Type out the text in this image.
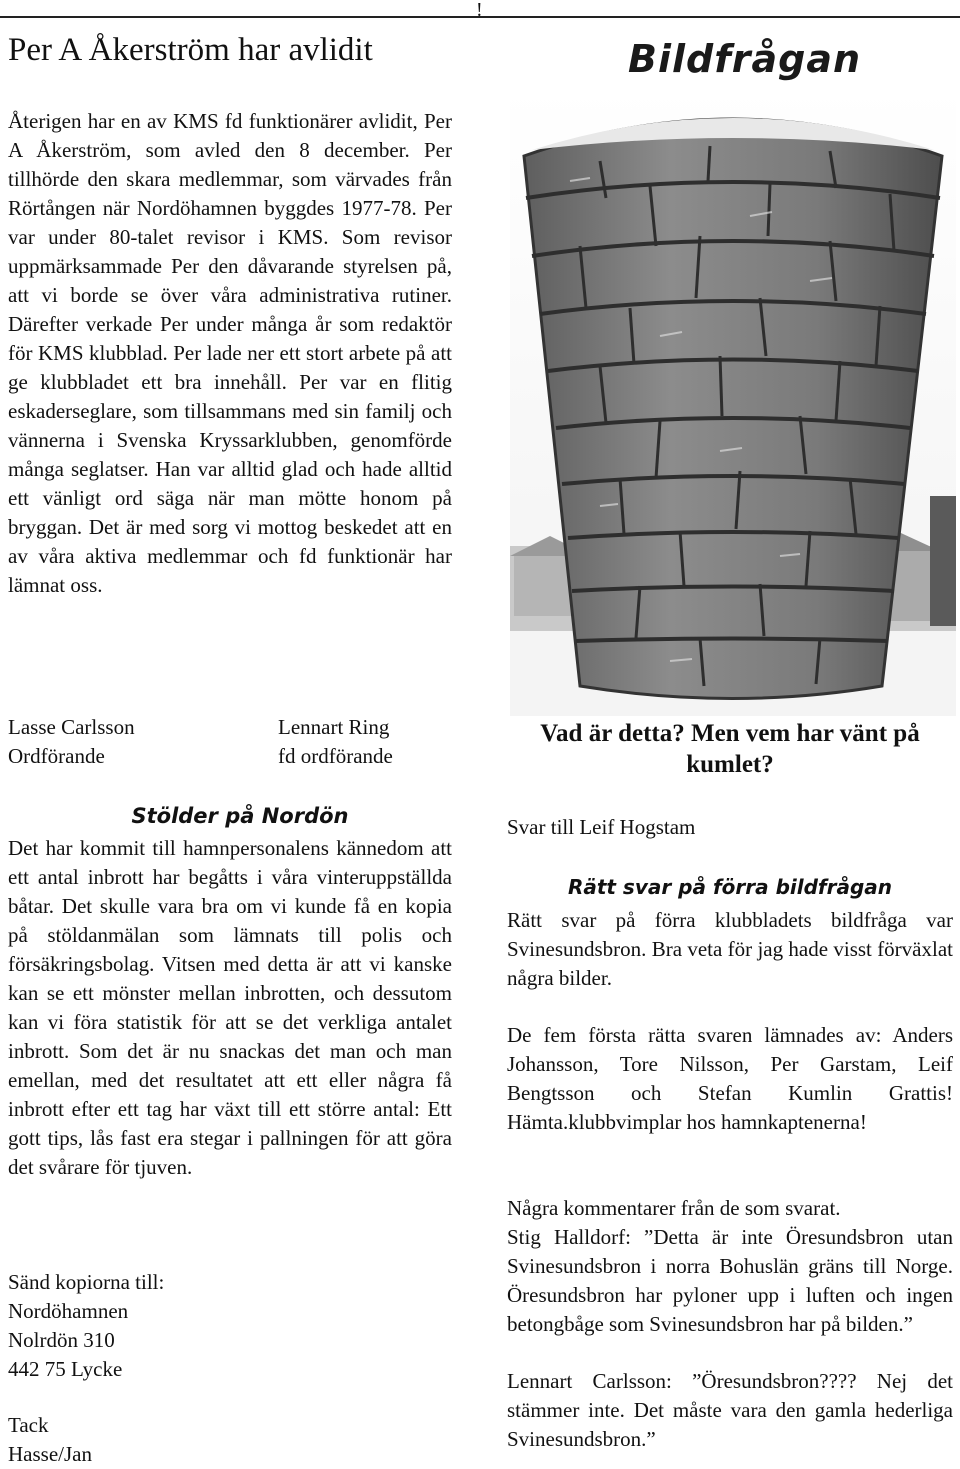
!
Per A Åkerström har avlidit
Återigen har en av KMS fd funktionärer avlidit, Per A Åkerström, som avled den 8 december. Per tillhörde den skara medlemmar, som värvades från Rörtången när Nordöhamnen byggdes 1977-78. Per var under 80-talet revisor i KMS. Som revisor uppmärksammade Per den dåvarande styrelsen på, att vi borde se över våra administrativa rutiner. Därefter verkade Per under många år som redaktör för KMS klubblad. Per lade ner ett stort arbete på att ge klubbladet ett bra innehåll. Per var en flitig eskaderseglare, som tillsammans med sin familj och vännerna i Svenska Kryssarklubben, genomförde många seglatser. Han var alltid glad och hade alltid ett vänligt ord säga när man mötte honom på bryggan. Det är med sorg vi mottog beskedet att en av våra aktiva medlemmar och fd funktionär har lämnat oss.
Lasse Carlsson
Ordförande
Lennart Ring
fd ordförande
Stölder på Nordön
Det har kommit till hamnpersonalens kännedom att ett antal inbrott har begåtts i våra vinteruppställda båtar. Det skulle vara bra om vi kunde få en kopia på stöldanmälan som lämnats till polis och försäkringsbolag. Vitsen med detta är att vi kanske kan se ett mönster mellan inbrotten, och dessutom kan vi föra statistik för att se det verkliga antalet inbrott. Som det är nu snackas det man och man emellan, med det resultatet att ett eller några få inbrott efter ett tag har växt till ett större antal: Ett gott tips, lås fast era stegar i pallningen för att göra det svårare för tjuven.
Sänd kopiorna till:
Nordöhamnen
Nolrdön 310
442 75 Lycke
Tack
Hasse/Jan
Bildfrågan
Vad är detta? Men vem har vänt på kumlet?
Svar till Leif Hogstam
Rätt svar på förra bildfrågan
Rätt svar på förra klubbladets bildfråga var Svinesundsbron. Bra veta för jag hade visst förväxlat några bilder.
De fem första rätta svaren lämnades av: Anders Johansson, Tore Nilsson, Per Garstam, Leif Bengtsson och Stefan Kumlin Grattis! Hämta.klubbvimplar hos hamnkaptenerna!
Några kommentarer från de som svarat.
Stig Halldorf: ”Detta är inte Öresundsbron utan Svinesundsbron i norra Bohuslän gräns till Norge. Öresundsbron har pyloner upp i luften och ingen betongbåge som Svinesundsbron har på bilden.”
Lennart Carlsson: ”Öresundsbron???? Nej det stämmer inte. Det måste vara den gamla hederliga Svinesundsbron.”
